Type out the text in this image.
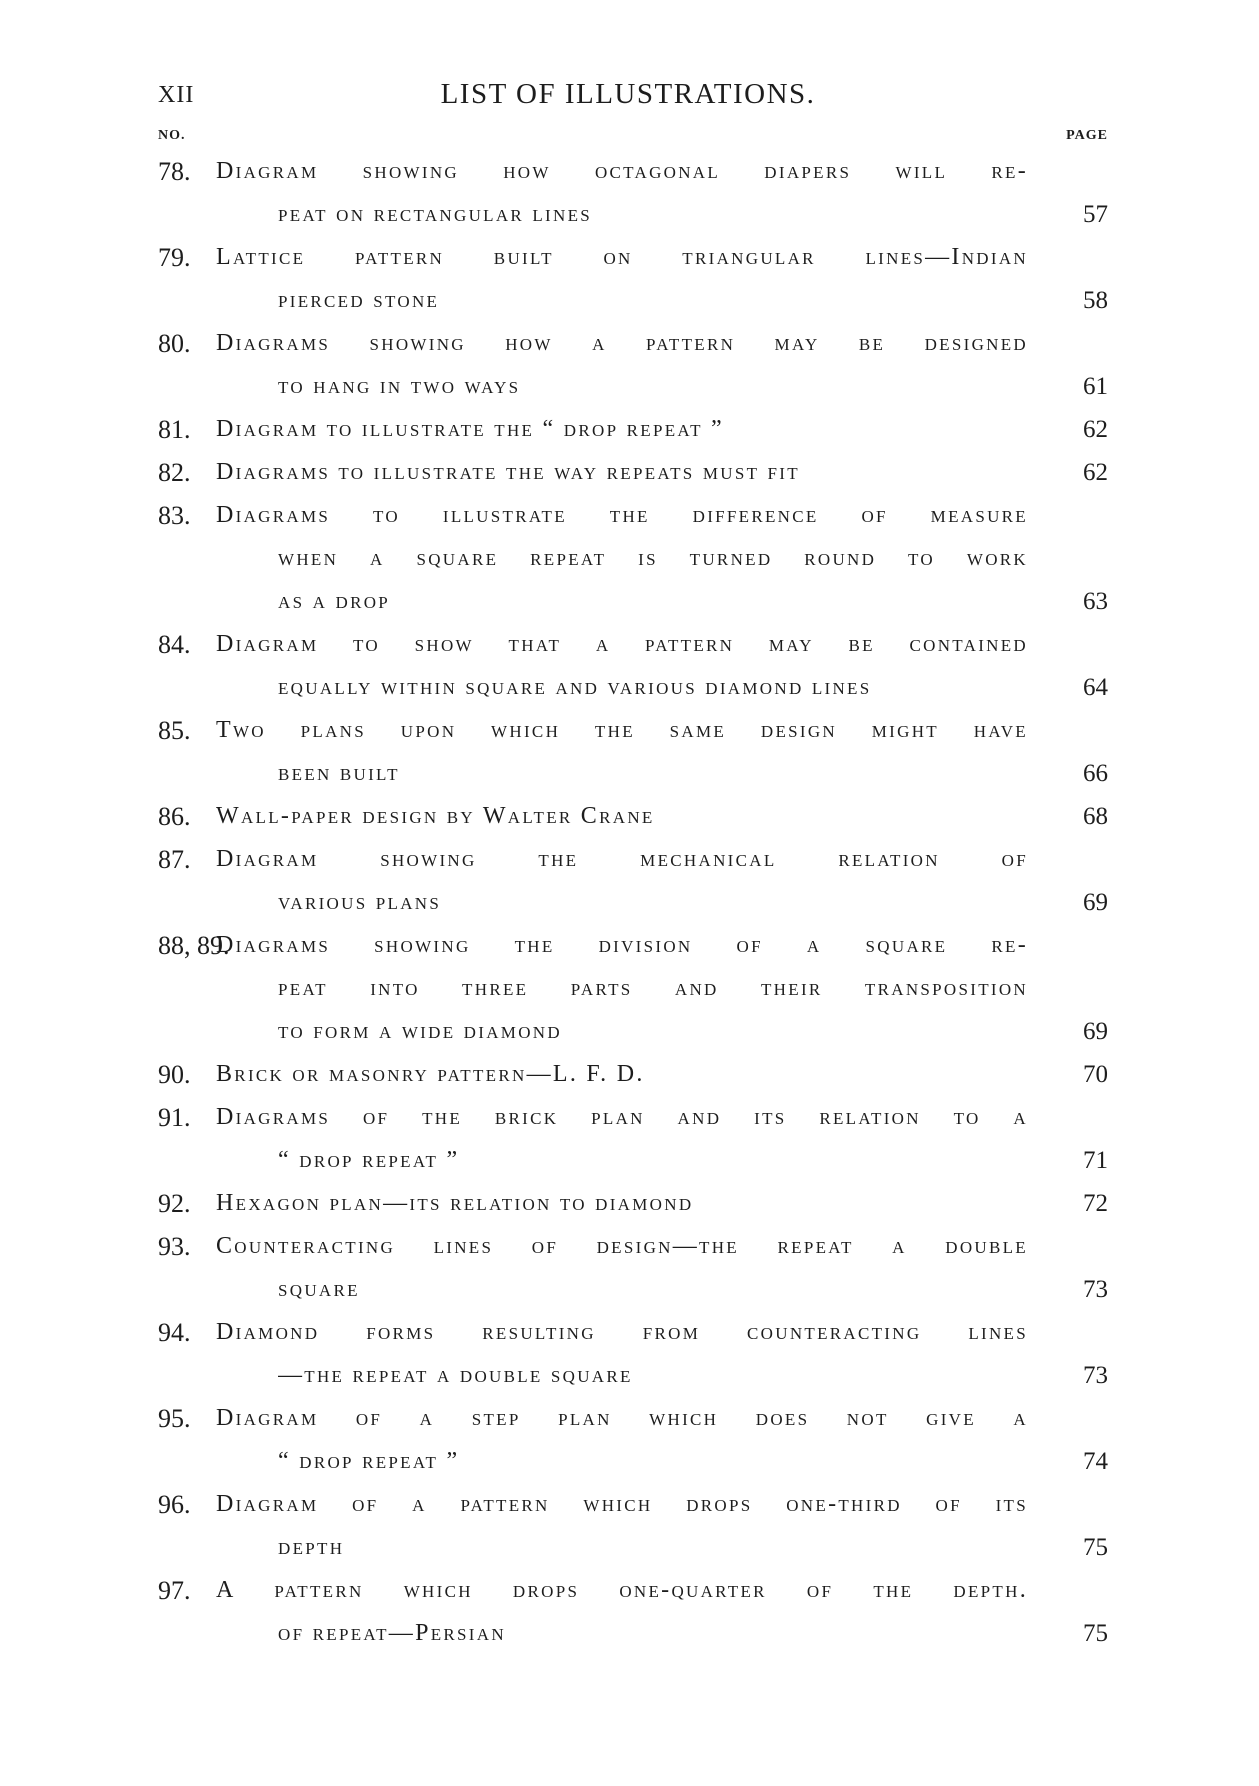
XII	LIST OF ILLUSTRATIONS.
NO.	PAGE
78. Diagram showing how octagonal diapers will re-
peat on rectangular lines	57
79. Lattice pattern built on triangular lines—Indian
pierced stone	58
80. Diagrams showing how a pattern may be designed
to hang in two ways	61
81. Diagram to illustrate the “ drop repeat ”	62
82. Diagrams to illustrate the way repeats must fit	62
83. Diagrams to illustrate the difference of measure
when a square repeat is turned round to work
as a drop	63
84. Diagram to show that a pattern may be contained
equally within square and various diamond lines	64
85. Two plans upon which the same design might have
been built	66
86. Wall-paper design by Walter Crane	68
87. Diagram showing the mechanical relation of
various plans	69
88, 89.
Diagrams showing the division of a square re-
peat into three parts and their transposition
to form a wide diamond	69
90. Brick or masonry pattern—L. F. D.	70
91. Diagrams of the brick plan and its relation to a
“ drop repeat ”	71
92. Hexagon plan—its relation to diamond	72
93. Counteracting lines of design—the repeat a double
square	73
94. Diamond forms resulting from counteracting lines
—the repeat a double square	73
95. Diagram of a step plan which does not give a
“ drop repeat ”	74
96. Diagram of a pattern which drops one-third of its
depth	75
97. A pattern which drops one-quarter of the depth.
of repeat—Persian	75
